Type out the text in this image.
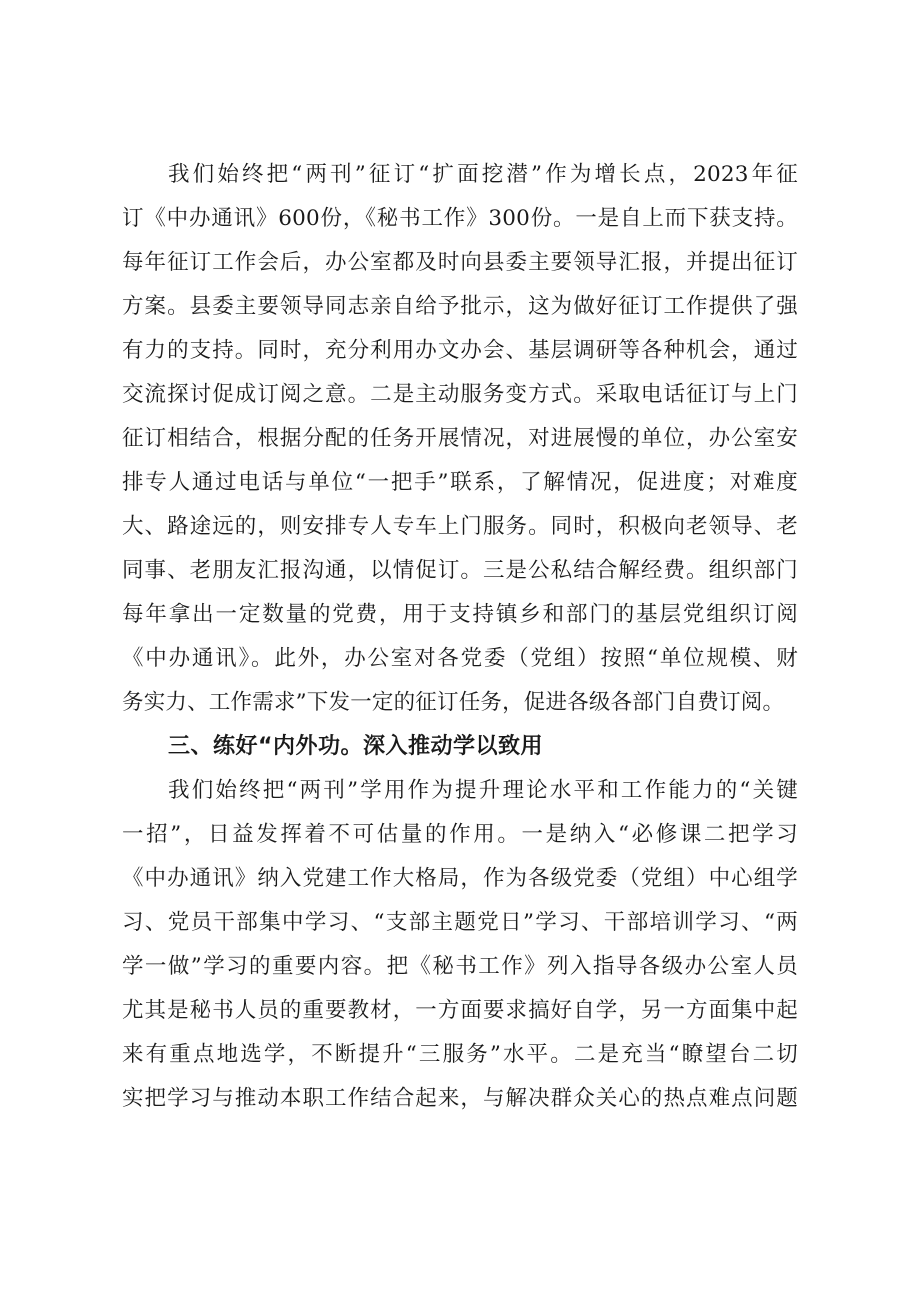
我们始终把“两刊”征订“扩面挖潜”作为增长点，2023年征
订《中办通讯》600份，《秘书工作》300份。一是自上而下获支持。
每年征订工作会后，办公室都及时向县委主要领导汇报，并提出征订
方案。县委主要领导同志亲自给予批示，这为做好征订工作提供了强
有力的支持。同时，充分利用办文办会、基层调研等各种机会，通过
交流探讨促成订阅之意。二是主动服务变方式。采取电话征订与上门
征订相结合，根据分配的任务开展情况，对进展慢的单位，办公室安
排专人通过电话与单位“一把手”联系，了解情况，促进度；对难度
大、路途远的，则安排专人专车上门服务。同时，积极向老领导、老
同事、老朋友汇报沟通，以情促订。三是公私结合解经费。组织部门
每年拿出一定数量的党费，用于支持镇乡和部门的基层党组织订阅
《中办通讯》。此外，办公室对各党委（党组）按照“单位规模、财
务实力、工作需求”下发一定的征订任务，促进各级各部门自费订阅。
三、练好“内外功。深入推动学以致用
我们始终把“两刊”学用作为提升理论水平和工作能力的“关键
一招”，日益发挥着不可估量的作用。一是纳入“必修课二把学习
《中办通讯》纳入党建工作大格局，作为各级党委（党组）中心组学
习、党员干部集中学习、“支部主题党日”学习、干部培训学习、“两
学一做”学习的重要内容。把《秘书工作》列入指导各级办公室人员
尤其是秘书人员的重要教材，一方面要求搞好自学，另一方面集中起
来有重点地选学，不断提升“三服务”水平。二是充当“瞭望台二切
实把学习与推动本职工作结合起来，与解决群众关心的热点难点问题
